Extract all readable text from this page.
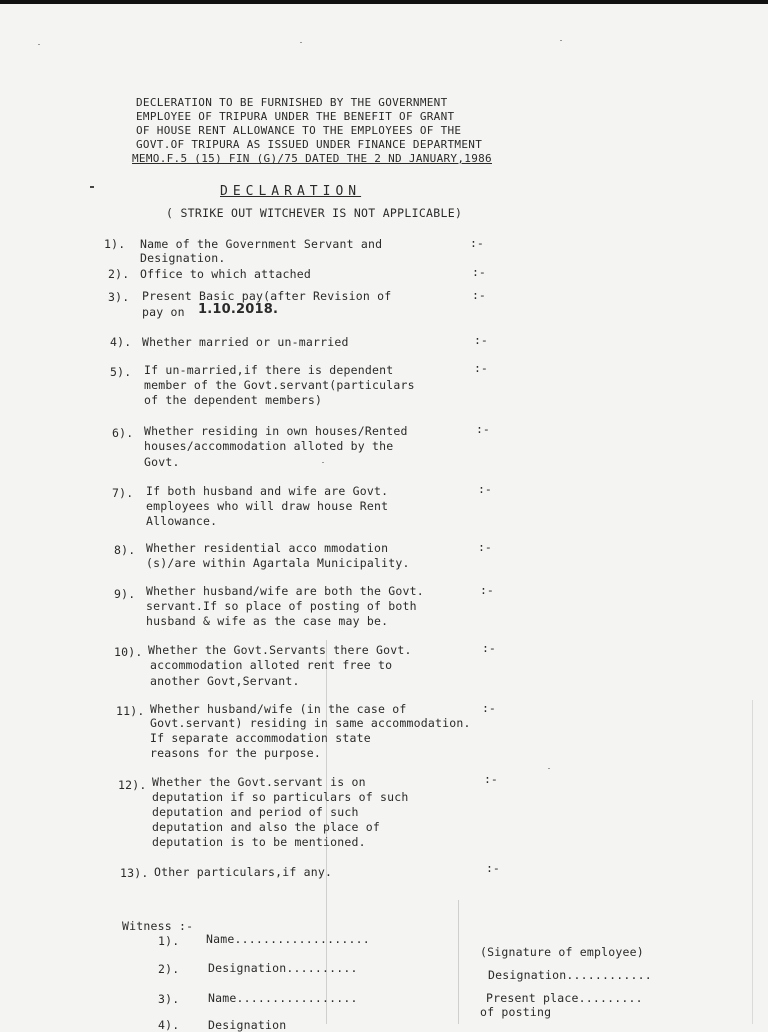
DECLERATION TO BE FURNISHED BY THE GOVERNMENT
EMPLOYEE OF TRIPURA UNDER THE BENEFIT OF GRANT
OF HOUSE RENT ALLOWANCE TO THE EMPLOYEES OF THE
GOVT.OF TRIPURA AS ISSUED UNDER FINANCE DEPARTMENT
MEMO.F.5 (15) FIN (G)/75 DATED THE 2 ND JANUARY,1986
DECLARATION
( STRIKE OUT WITCHEVER IS NOT APPLICABLE)
1). Name of the Government Servant and
Designation.
:-
2). Office to which attached	:-
3). Present Basic pay(after Revision of
pay on 1.10.2018.
:-
4). Whether married or un-married	:-
5). If un-married,if there is dependent
member of the Govt.servant(particulars
of the dependent members)
:-
6). Whether residing in own houses/Rented
houses/accommodation alloted by the
Govt.
:-
7). If both husband and wife are Govt.
employees who will draw house Rent
Allowance.
:-
8). Whether residential acco mmodation
(s)/are within Agartala Municipality.
:-
9). Whether husband/wife are both the Govt.
servant.If so place of posting of both
husband & wife as the case may be.
:-
10). Whether the Govt.Servants there Govt.
accommodation alloted rent free to
another Govt,Servant.
:-
11). Whether husband/wife (in the case of
Govt.servant) residing in same accommodation.
If separate accommodation state
reasons for the purpose.
:-
12). Whether the Govt.servant is on
deputation if so particulars of such
deputation and period of such
deputation and also the place of
deputation is to be mentioned.
:-
13). Other particulars,if any.	:-
Witness :-
1). Name...................
2). Designation..........
3). Name.................
4). Designation
(Signature of employee)
Designation............
Present place.........
of posting
